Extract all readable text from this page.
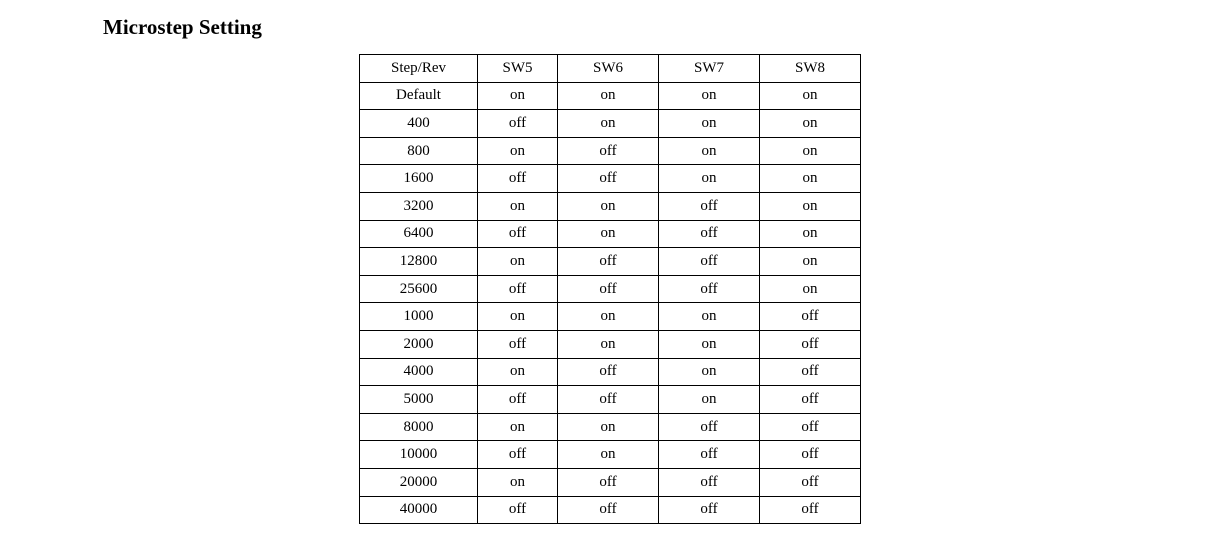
Microstep Setting
Step/Rev	SW5	SW6	SW7	SW8
Default	on	on	on	on
400	off	on	on	on
800	on	off	on	on
1600	off	off	on	on
3200	on	on	off	on
6400	off	on	off	on
12800	on	off	off	on
25600	off	off	off	on
1000	on	on	on	off
2000	off	on	on	off
4000	on	off	on	off
5000	off	off	on	off
8000	on	on	off	off
10000	off	on	off	off
20000	on	off	off	off
40000	off	off	off	off
